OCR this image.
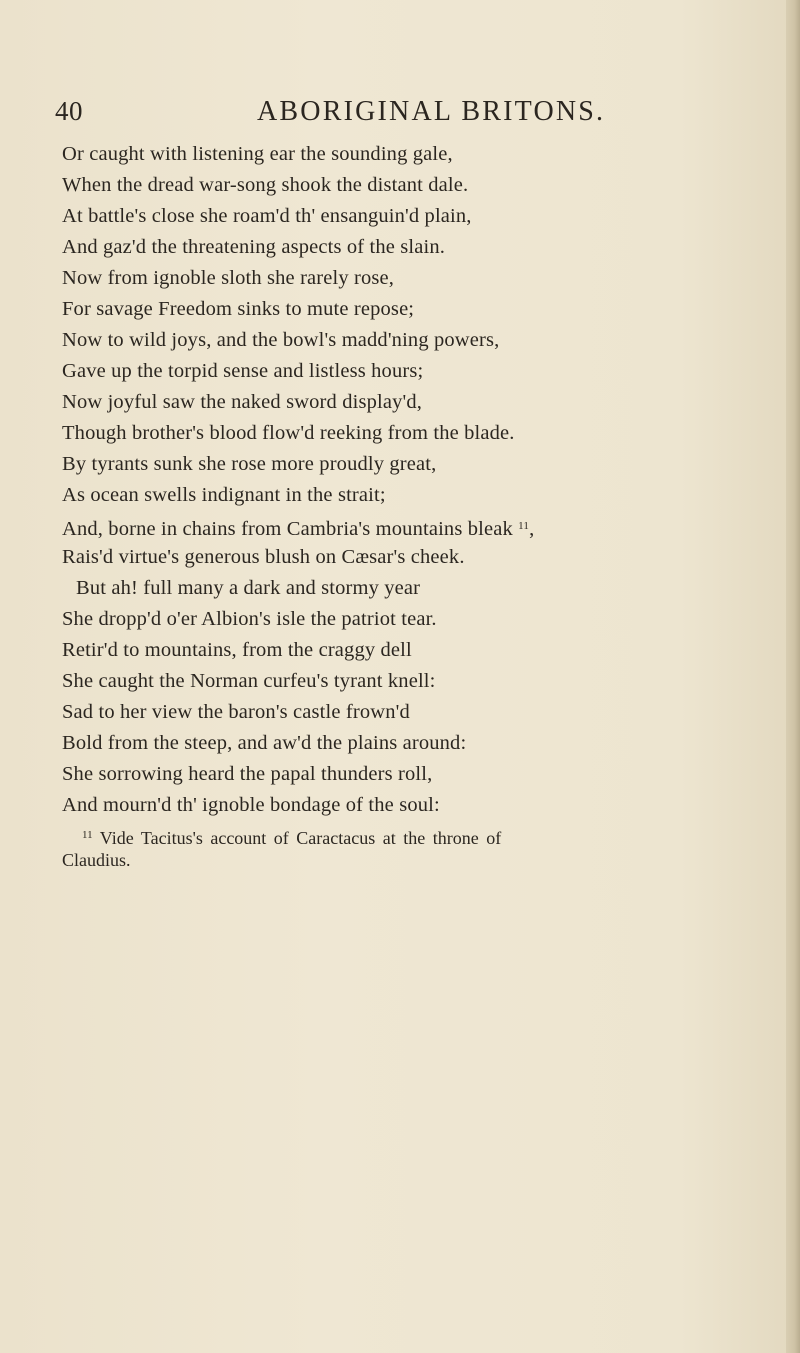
40	ABORIGINAL BRITONS.
Or caught with listening ear the sounding gale,
When the dread war-song shook the distant dale.
At battle's close she roam'd th' ensanguin'd plain,
And gaz'd the threatening aspects of the slain.
Now from ignoble sloth she rarely rose,
For savage Freedom sinks to mute repose;
Now to wild joys, and the bowl's madd'ning powers,
Gave up the torpid sense and listless hours;
Now joyful saw the naked sword display'd,
Though brother's blood flow'd reeking from the blade.
By tyrants sunk she rose more proudly great,
As ocean swells indignant in the strait;
And, borne in chains from Cambria's mountains bleak $^{11}$,
Rais'd virtue's generous blush on Cæsar's cheek.
But ah! full many a dark and stormy year
She dropp'd o'er Albion's isle the patriot tear.
Retir'd to mountains, from the craggy dell
She caught the Norman curfeu's tyrant knell:
Sad to her view the baron's castle frown'd
Bold from the steep, and aw'd the plains around:
She sorrowing heard the papal thunders roll,
And mourn'd th' ignoble bondage of the soul:
$^{11}$ Vide Tacitus's account of Caractacus at the throne of
Claudius.
